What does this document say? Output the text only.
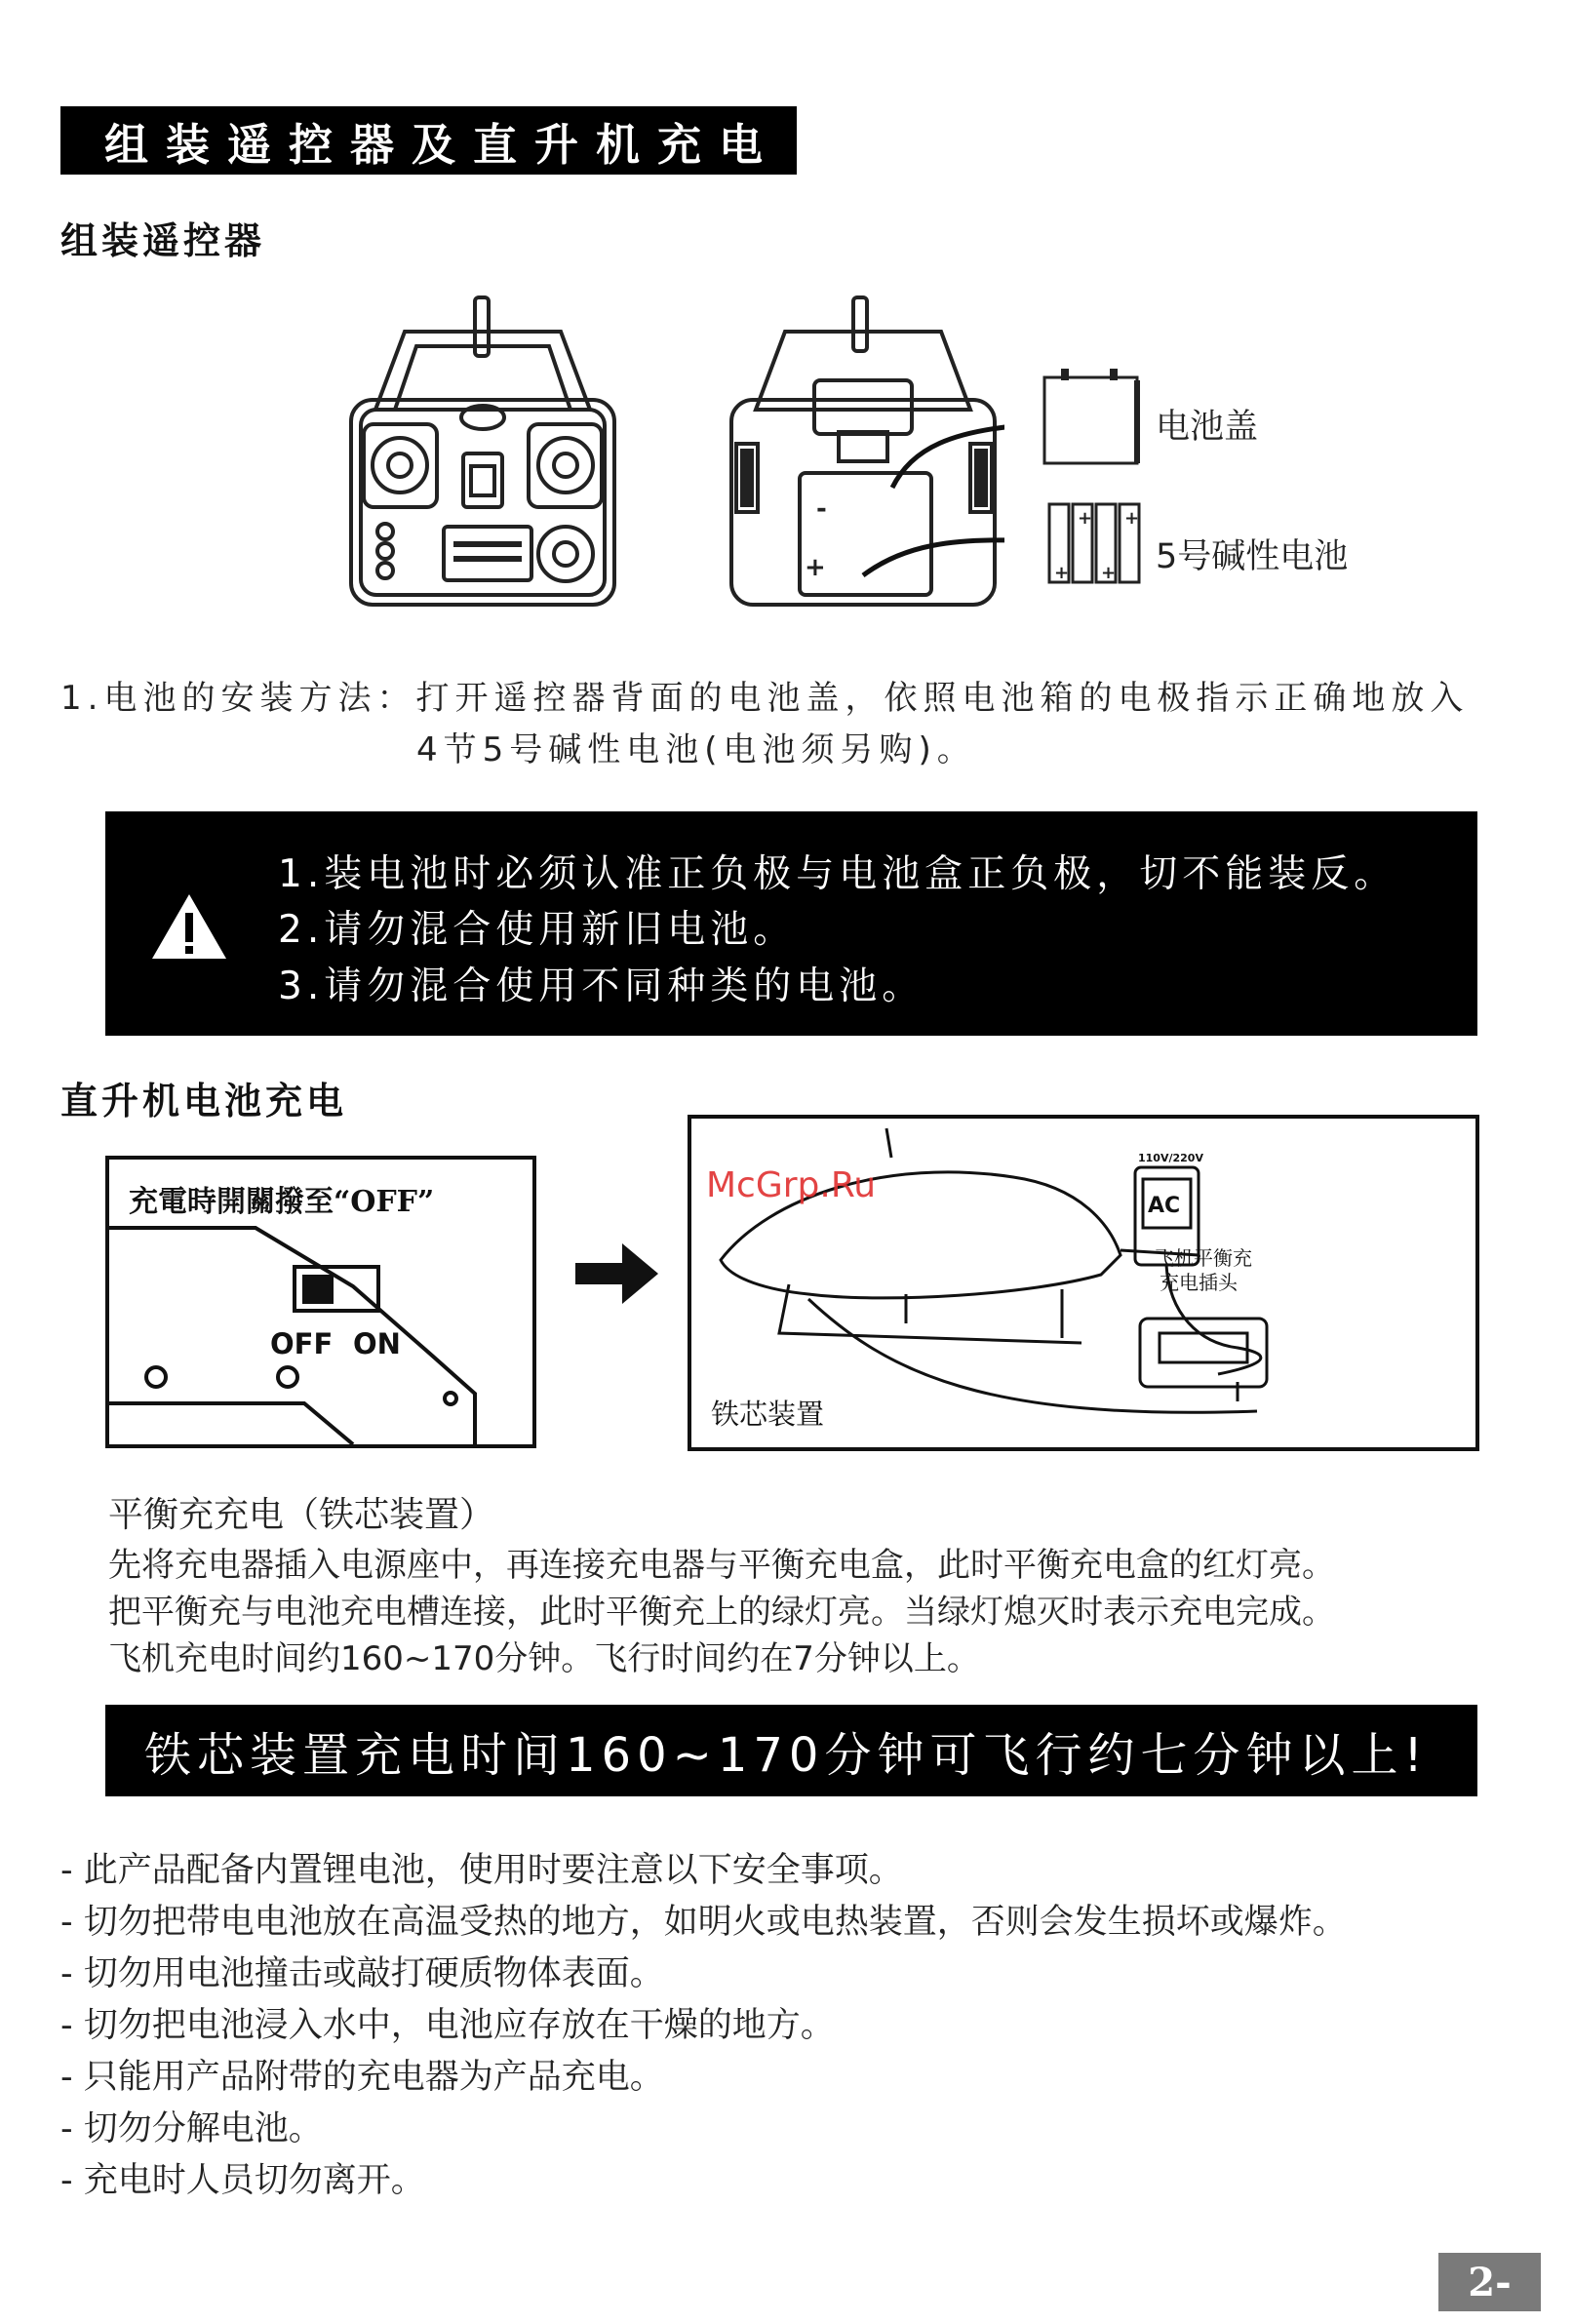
组装遥控器及直升机充电
组装遥控器
+
-
电池盖
+
+
+
+	5号碱性电池
1.电池的安装方法：打开遥控器背面的电池盖，依照电池箱的电极指示正确地放入
4节5号碱性电池(电池须另购)。
1.装电池时必须认准正负极与电池盒正负极，切不能装反。
2.请勿混合使用新旧电池。
3.请勿混合使用不同种类的电池。
直升机电池充电
充電時開關撥至“OFF”
OFF ON
AC
110V/220V
飞机平衡充
充电插头
铁芯装置
McGrp.Ru
平衡充充电（铁芯装置）
先将充电器插入电源座中，再连接充电器与平衡充电盒，此时平衡充电盒的红灯亮。
把平衡充与电池充电槽连接，此时平衡充上的绿灯亮。当绿灯熄灭时表示充电完成。
飞机充电时间约160~170分钟。飞行时间约在7分钟以上。
铁芯装置充电时间160~170分钟可飞行约七分钟以上!
- 此产品配备内置锂电池，使用时要注意以下安全事项。
- 切勿把带电电池放在高温受热的地方，如明火或电热装置，否则会发生损坏或爆炸。
- 切勿用电池撞击或敲打硬质物体表面。
- 切勿把电池浸入水中，电池应存放在干燥的地方。
- 只能用产品附带的充电器为产品充电。
- 切勿分解电池。
- 充电时人员切勿离开。
2-
